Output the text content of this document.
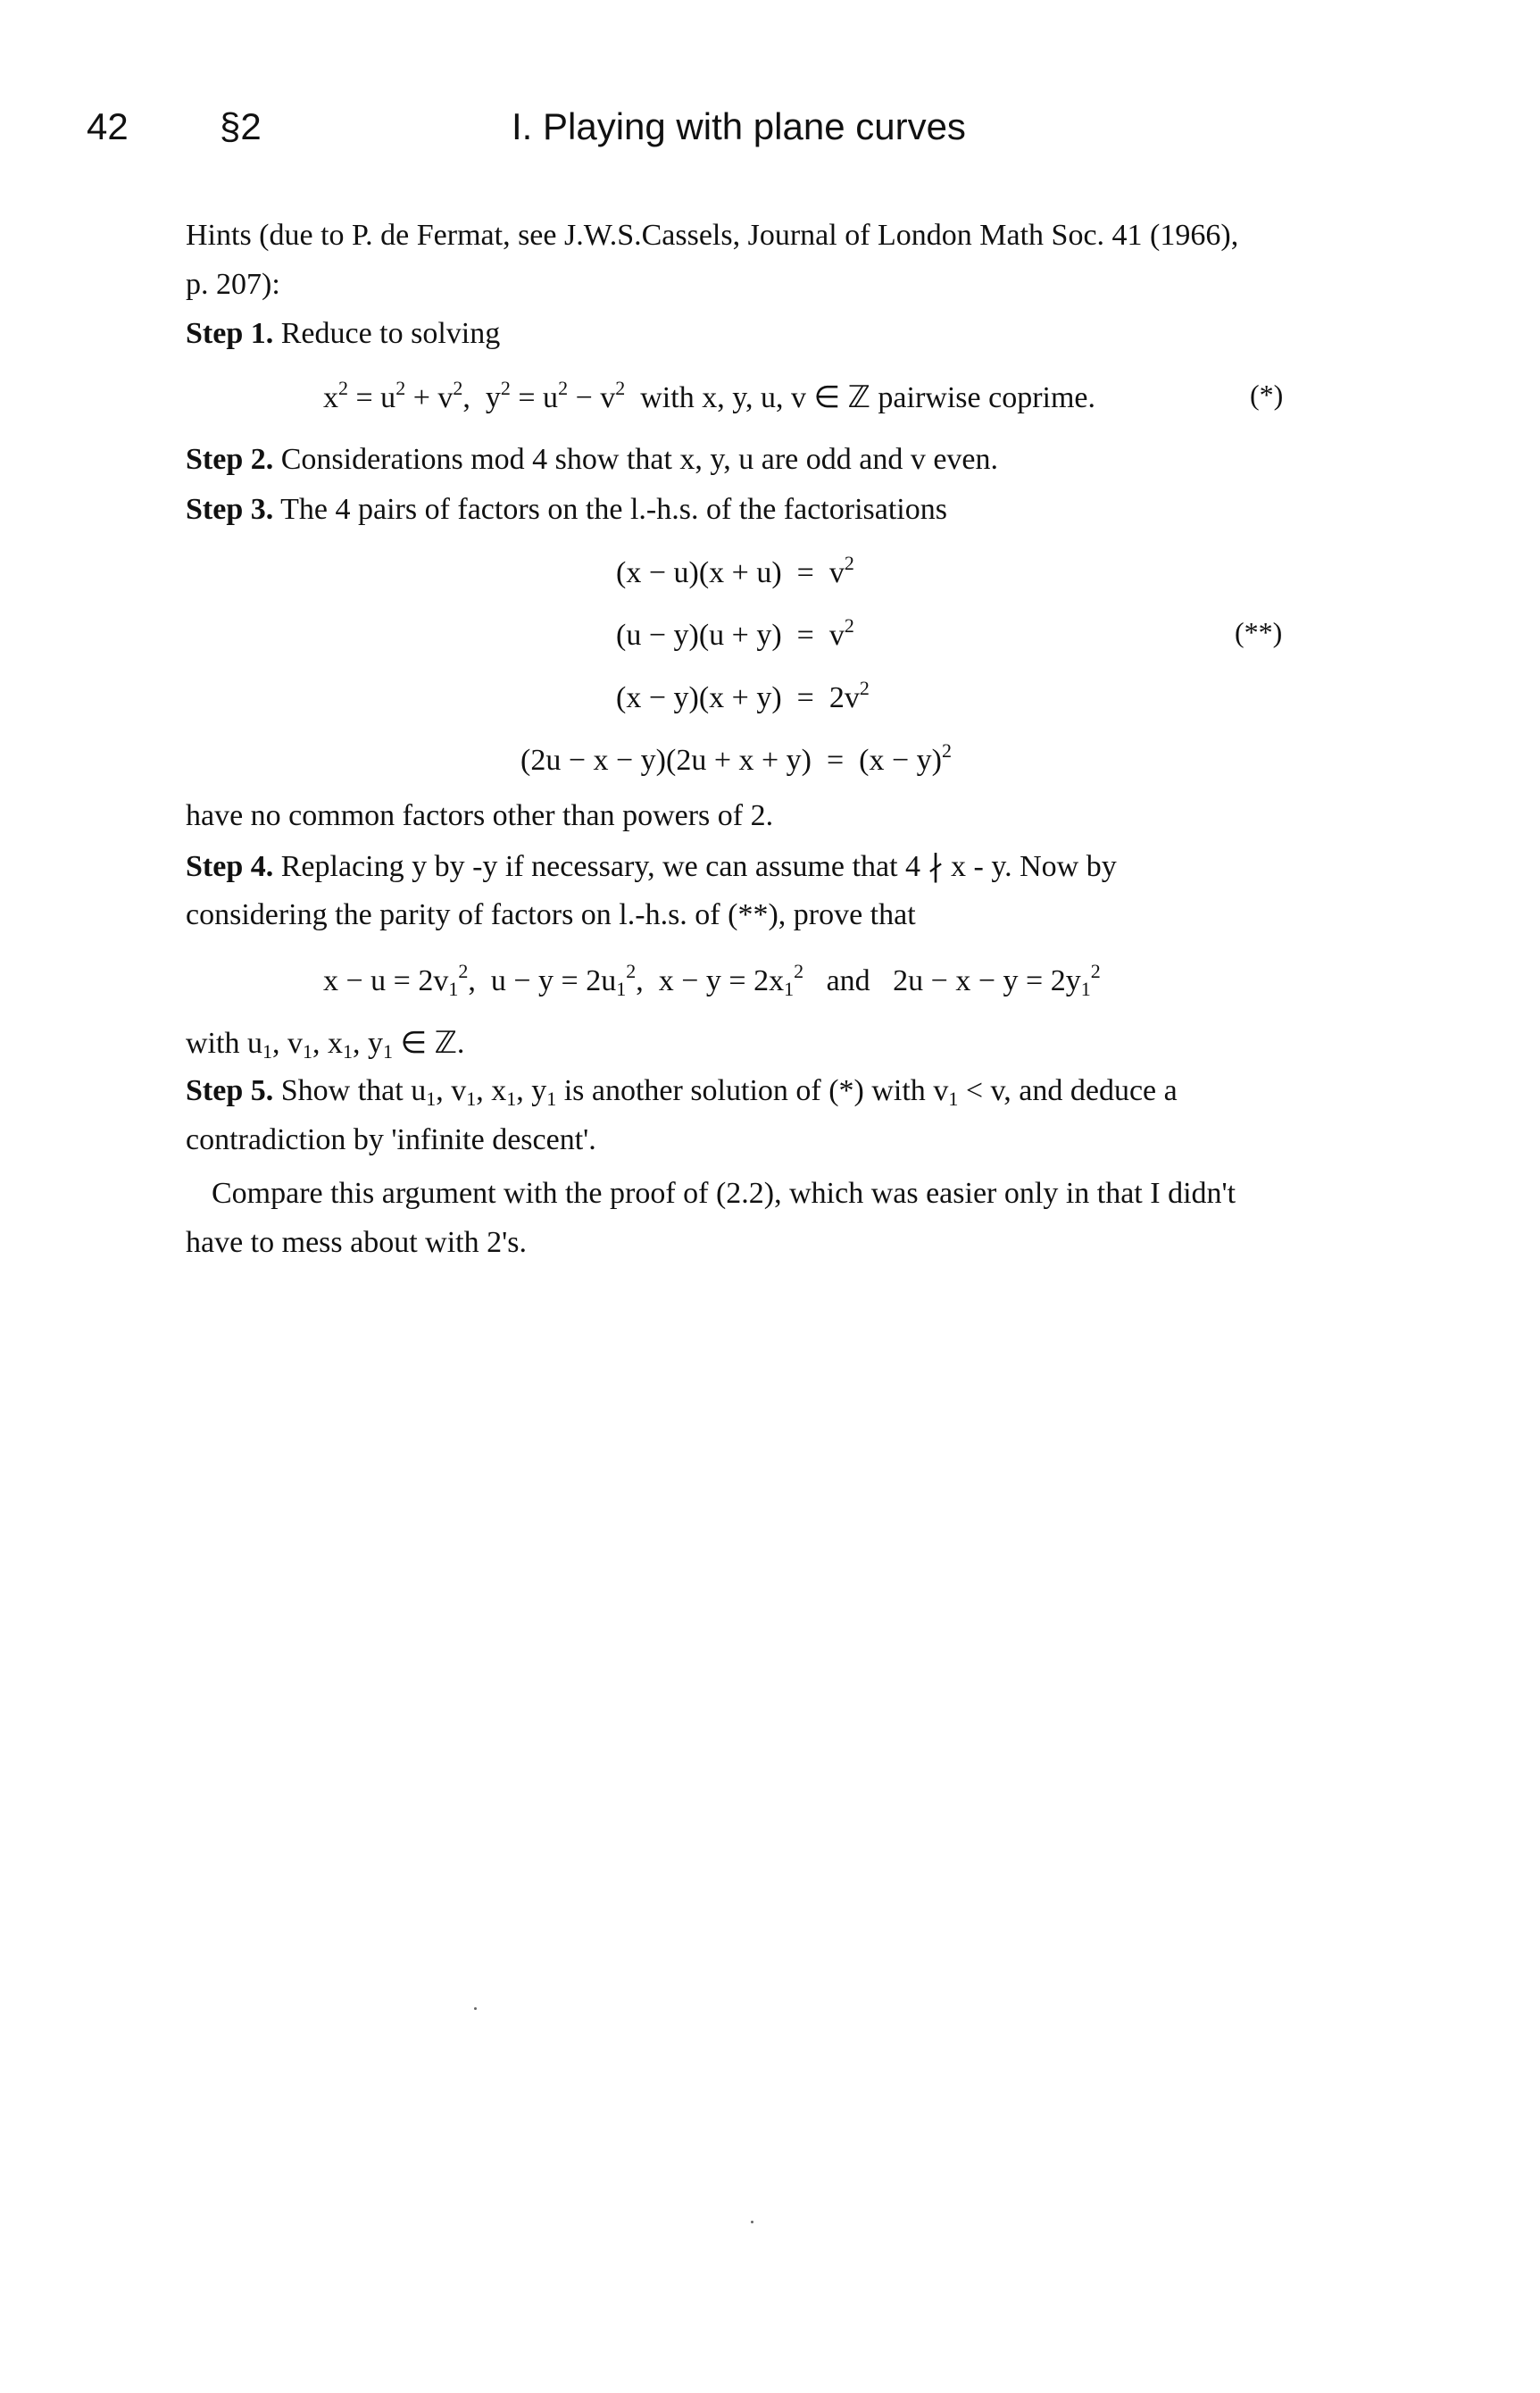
42 §2	I. Playing with plane curves
Hints (due to P. de Fermat, see J.W.S.Cassels, Journal of London Math Soc. 41 (1966),
p. 207):
Step 1. Reduce to solving
$x^2 = u^2 + v^2$,  $y^2 = u^2 - v^2$ with x, y, u, v ∈ ℤ pairwise coprime.	(*)
Step 2. Considerations mod 4 show that x, y, u are odd and v even.
Step 3. The 4 pairs of factors on the l.-h.s. of the factorisations
$(x - u)(x + u) = v^2$
$(u - y)(u + y) = v^2$	(**)
$(x - y)(x + y) = 2v^2$
$(2u - x - y)(2u + x + y) = (x - y)^2$
have no common factors other than powers of 2.
Step 4. Replacing y by -y if necessary, we can assume that 4 ∤ x - y. Now by
considering the parity of factors on l.-h.s. of (**), prove that
$x - u = 2v_1^2$,  $u - y = 2u_1^2$,  $x - y = 2x_1^2$ and   $2u - x - y = 2y_1^2$
with $u_1$, $v_1$, $x_1$, $y_1$ ∈ ℤ.
Step 5. Show that $u_1$, $v_1$, $x_1$, $y_1$ is another solution of (*) with $v_1 < v$, and deduce a
contradiction by 'infinite descent'.
Compare this argument with the proof of (2.2), which was easier only in that I didn't
have to mess about with 2's.
